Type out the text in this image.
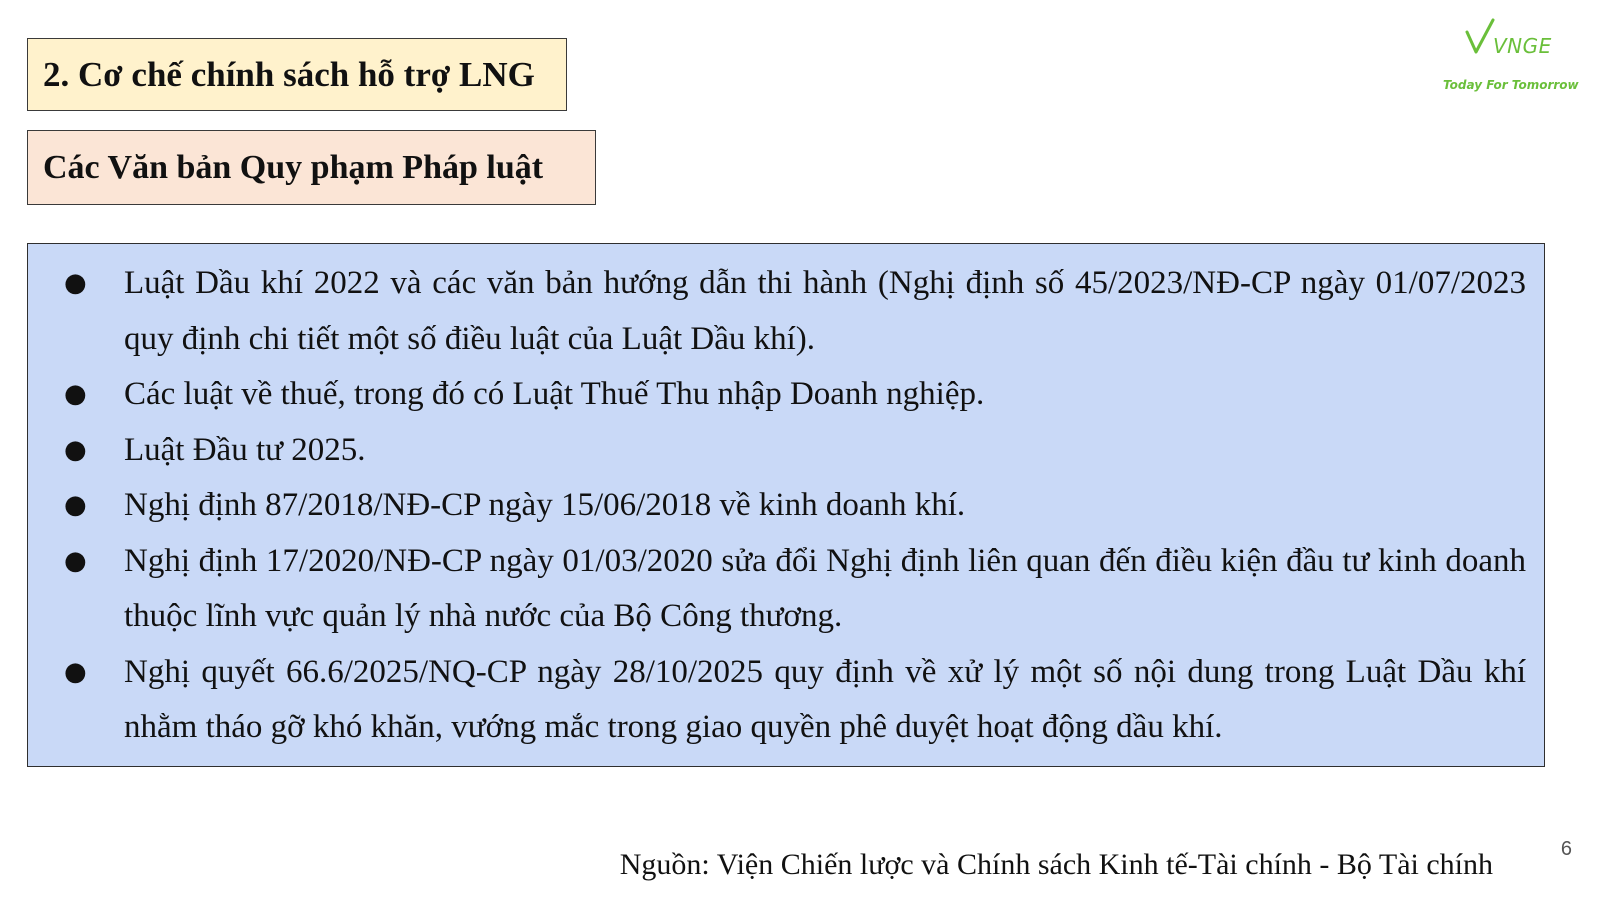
2. Cơ chế chính sách hỗ trợ LNG
Các Văn bản Quy phạm Pháp luật
VNGE
Today For Tomorrow
● Luật Dầu khí 2022 và các văn bản hướng dẫn thi hành (Nghị định số 45/2023/NĐ-CP ngày 01/07/2023 quy định chi tiết một số điều luật của Luật Dầu khí).
● Các luật về thuế, trong đó có Luật Thuế Thu nhập Doanh nghiệp.
● Luật Đầu tư 2025.
● Nghị định 87/2018/NĐ-CP ngày 15/06/2018 về kinh doanh khí.
● Nghị định 17/2020/NĐ-CP ngày 01/03/2020 sửa đổi Nghị định liên quan đến điều kiện đầu tư kinh doanh thuộc lĩnh vực quản lý nhà nước của Bộ Công thương.
● Nghị quyết 66.6/2025/NQ-CP ngày 28/10/2025 quy định về xử lý một số nội dung trong Luật Dầu khí nhằm tháo gỡ khó khăn, vướng mắc trong giao quyền phê duyệt hoạt động dầu khí.
Nguồn: Viện Chiến lược và Chính sách Kinh tế-Tài chính - Bộ Tài chính	6
